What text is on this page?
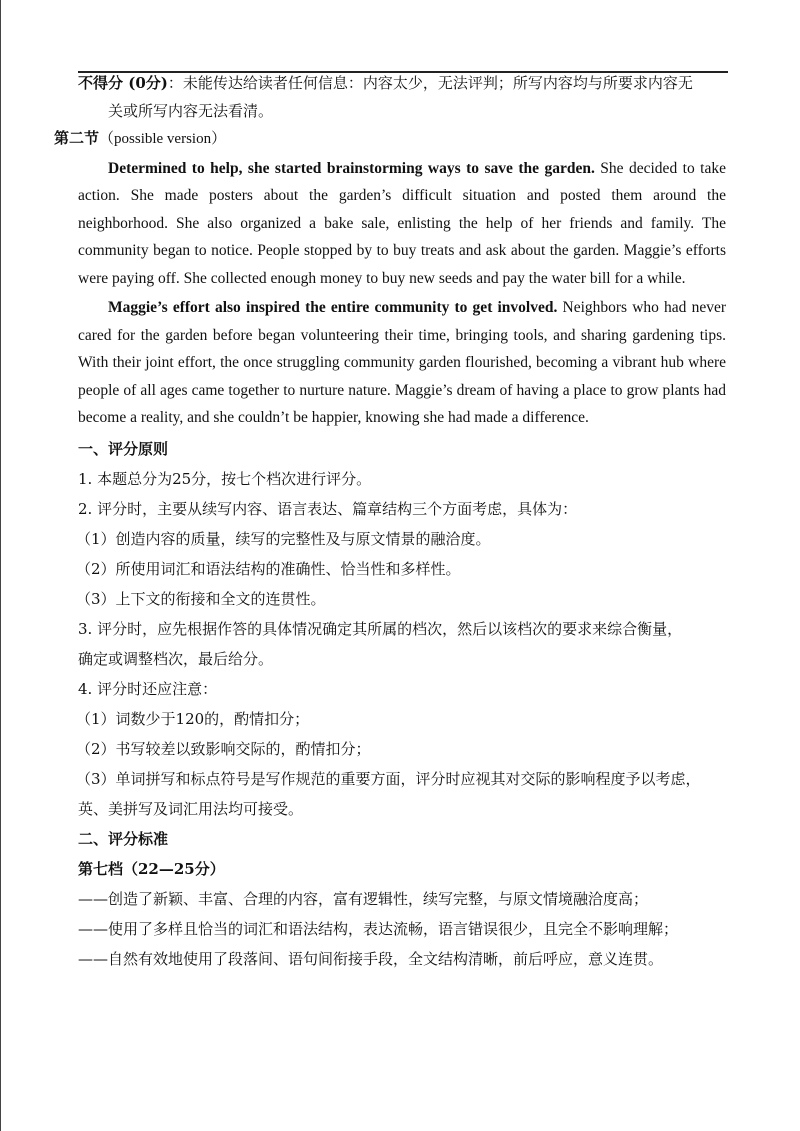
不得分 (0分)：未能传达给读者任何信息：内容太少，无法评判；所写内容均与所要求内容无
关或所写内容无法看清。
第二节（possible version）

Determined to help, she started brainstorming ways to save the garden. She decided to take action. She made posters about the garden’s difficult situation and posted them around the neighborhood. She also organized a bake sale, enlisting the help of her friends and family. The community began to notice. People stopped by to buy treats and ask about the garden. Maggie’s efforts were paying off. She collected enough money to buy new seeds and pay the water bill for a while.

Maggie’s effort also inspired the entire community to get involved. Neighbors who had never cared for the garden before began volunteering their time, bringing tools, and sharing gardening tips. With their joint effort, the once struggling community garden flourished, becoming a vibrant hub where people of all ages came together to nurture nature. Maggie’s dream of having a place to grow plants had become a reality, and she couldn’t be happier, knowing she had made a difference.

一、评分原则
1. 本题总分为25分，按七个档次进行评分。
2. 评分时，主要从续写内容、语言表达、篇章结构三个方面考虑，具体为：
（1）创造内容的质量，续写的完整性及与原文情景的融洽度。
（2）所使用词汇和语法结构的准确性、恰当性和多样性。
（3）上下文的衔接和全文的连贯性。
3. 评分时，应先根据作答的具体情况确定其所属的档次，然后以该档次的要求来综合衡量，
确定或调整档次，最后给分。
4. 评分时还应注意：
（1）词数少于120的，酌情扣分；
（2）书写较差以致影响交际的，酌情扣分；
（3）单词拼写和标点符号是写作规范的重要方面，评分时应视其对交际的影响程度予以考虑，
英、美拼写及词汇用法均可接受。
二、评分标准
第七档（22—25分）
——创造了新颖、丰富、合理的内容，富有逻辑性，续写完整，与原文情境融洽度高；
——使用了多样且恰当的词汇和语法结构，表达流畅，语言错误很少，且完全不影响理解；
——自然有效地使用了段落间、语句间衔接手段，全文结构清晰，前后呼应，意义连贯。
